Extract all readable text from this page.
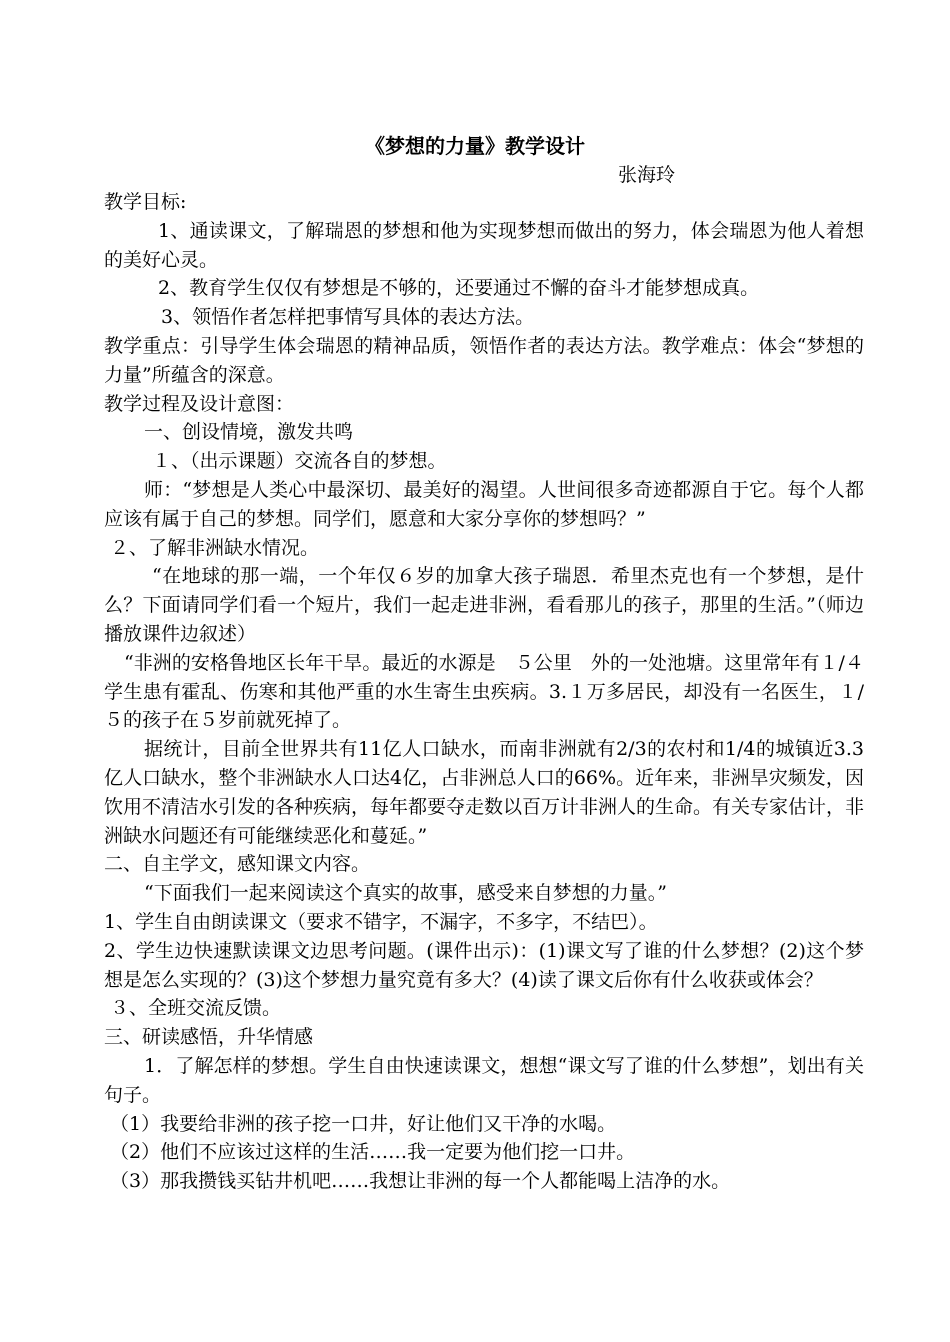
《梦想的力量》教学设计
张海玲

教学目标:

1、通读课文，了解瑞恩的梦想和他为实现梦想而做出的努力，体会瑞恩为他人着想的美好心灵。

2、教育学生仅仅有梦想是不够的，还要通过不懈的奋斗才能梦想成真。

3、领悟作者怎样把事情写具体的表达方法。

教学重点：引导学生体会瑞恩的精神品质，领悟作者的表达方法。教学难点：体会“梦想的力量”所蕴含的深意。

教学过程及设计意图：

一、创设情境，激发共鸣

１、（出示课题）交流各自的梦想。

师：“梦想是人类心中最深切、最美好的渴望。人世间很多奇迹都源自于它。每个人都应该有属于自己的梦想。同学们，愿意和大家分享你的梦想吗？”

２、了解非洲缺水情况。

“在地球的那一端，一个年仅６岁的加拿大孩子瑞恩．希里杰克也有一个梦想，是什么？下面请同学们看一个短片，我们一起走进非洲，看看那儿的孩子，那里的生活。”（师边播放课件边叙述）

“非洲的安格鲁地区长年干旱。最近的水源是　５公里　外的一处池塘。这里常年有１/４学生患有霍乱、伤寒和其他严重的水生寄生虫疾病。3.１万多居民，却没有一名医生，１/５的孩子在５岁前就死掉了。

据统计，目前全世界共有11亿人口缺水，而南非洲就有2/3的农村和1/4的城镇近3.3亿人口缺水，整个非洲缺水人口达4亿，占非洲总人口的66%。近年来，非洲旱灾频发，因饮用不清洁水引发的各种疾病，每年都要夺走数以百万计非洲人的生命。有关专家估计，非洲缺水问题还有可能继续恶化和蔓延。”

二、自主学文，感知课文内容。

“下面我们一起来阅读这个真实的故事，感受来自梦想的力量。”

1、学生自由朗读课文（要求不错字，不漏字，不多字，不结巴）。

2、学生边快速默读课文边思考问题。(课件出示)：(1)课文写了谁的什么梦想？(2)这个梦想是怎么实现的？(3)这个梦想力量究竟有多大？(4)读了课文后你有什么收获或体会？

３、全班交流反馈。

三、研读感悟，升华情感

1．了解怎样的梦想。学生自由快速读课文，想想“课文写了谁的什么梦想”，划出有关句子。

（1）我要给非洲的孩子挖一口井，好让他们又干净的水喝。

（2）他们不应该过这样的生活……我一定要为他们挖一口井。

（3）那我攒钱买钻井机吧……我想让非洲的每一个人都能喝上洁净的水。
